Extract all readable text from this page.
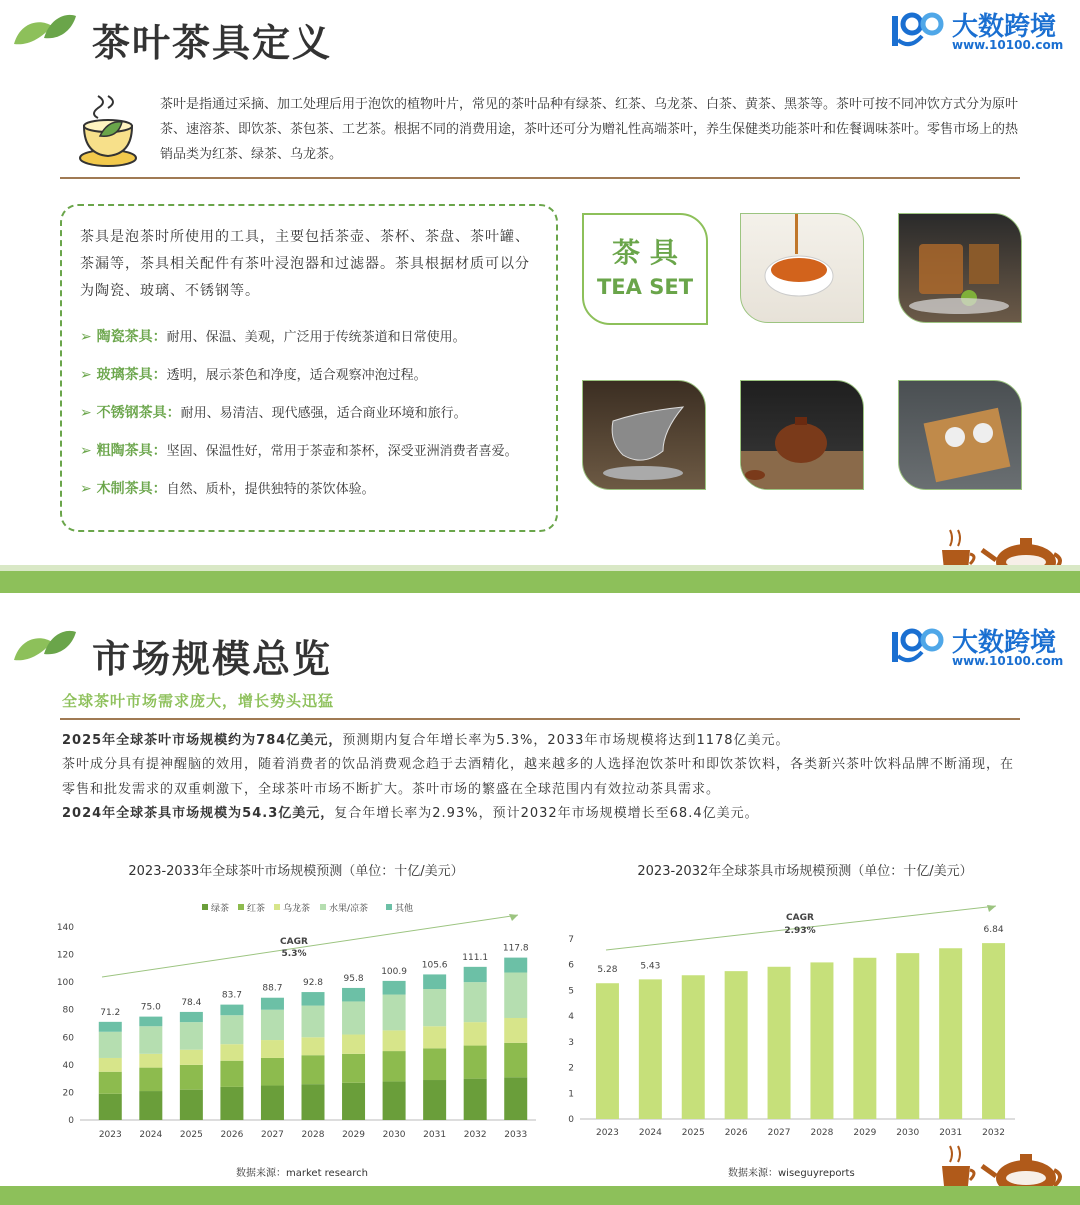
茶叶茶具定义	大数跨境
www.10100.com
茶叶是指通过采摘、加工处理后用于泡饮的植物叶片，常见的茶叶品种有绿茶、红茶、乌龙茶、白茶、黄茶、黑茶等。茶叶可按不同冲饮方式分为原叶茶、速溶茶、即饮茶、茶包茶、工艺茶。根据不同的消费用途，茶叶还可分为赠礼性高端茶叶，养生保健类功能茶叶和佐餐调味茶叶。零售市场上的热销品类为红茶、绿茶、乌龙茶。
茶具是泡茶时所使用的工具，主要包括茶壶、茶杯、茶盘、茶叶罐、茶漏等，茶具相关配件有茶叶浸泡器和过滤器。茶具根据材质可以分为陶瓷、玻璃、不锈钢等。
➢ 陶瓷茶具：耐用、保温、美观，广泛用于传统茶道和日常使用。
➢ 玻璃茶具：透明，展示茶色和净度，适合观察冲泡过程。
➢ 不锈钢茶具：耐用、易清洁、现代感强，适合商业环境和旅行。
➢ 粗陶茶具：坚固、保温性好，常用于茶壶和茶杯，深受亚洲消费者喜爱。
➢ 木制茶具：自然、质朴，提供独特的茶饮体验。
茶 具
TEA SET
市场规模总览	大数跨境
www.10100.com
全球茶叶市场需求庞大，增长势头迅猛
2025年全球茶叶市场规模约为784亿美元，预测期内复合年增长率为5.3%，2033年市场规模将达到1178亿美元。
茶叶成分具有提神醒脑的效用，随着消费者的饮品消费观念趋于去酒精化，越来越多的人选择泡饮茶叶和即饮茶饮料，各类新兴茶叶饮料品牌不断涌现，在零售和批发需求的双重刺激下，全球茶叶市场不断扩大。茶叶市场的繁盛在全球范围内有效拉动茶具需求。
2024年全球茶具市场规模为54.3亿美元，复合年增长率为2.93%，预计2032年市场规模增长至68.4亿美元。
2023-2033年全球茶叶市场规模预测（单位：十亿/美元）
0
20
40
60
80
100
120
140
71.2
2023
75.0
2024
78.4
2025
83.7
2026
88.7
2027
92.8
2028
95.8
2029
100.9
2030
105.6
2031
111.1
2032
117.8
2033
绿茶 红茶 乌龙茶 水果/凉茶	其他
CAGR
5.3%
数据来源：market research
2023-2032年全球茶具市场规模预测（单位：十亿/美元）
0
1
2
3
4
5
6
7
5.28
2023
5.43
2024 2025 2026 2027 2028 2029 2030 2031
6.84
2032
CAGR
2.93%
数据来源：wiseguyreports
